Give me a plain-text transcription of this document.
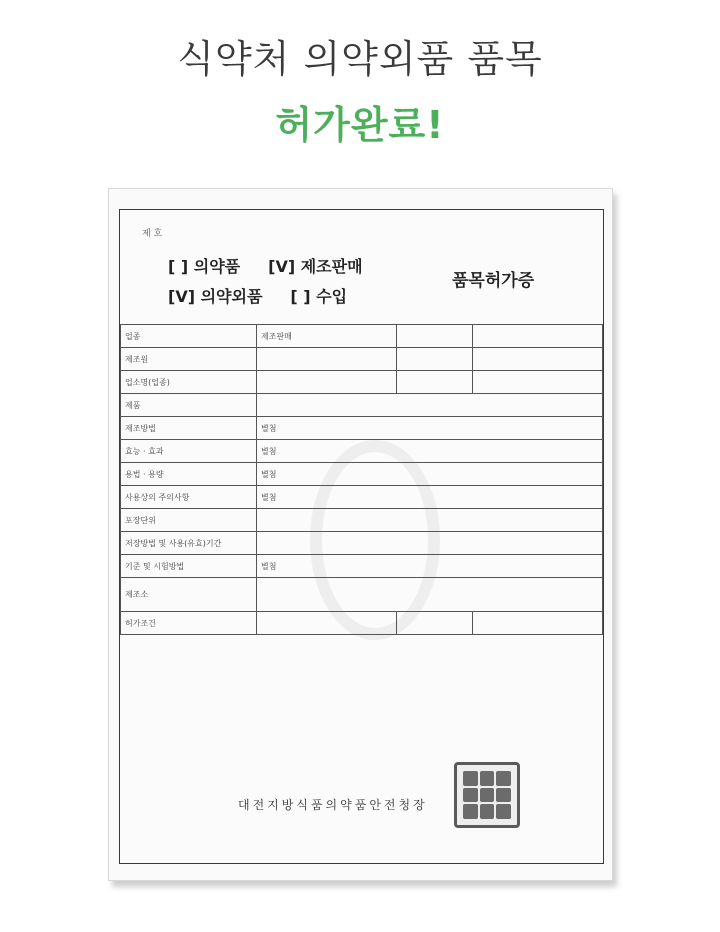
식약처 의약외품 품목
허가완료!
제 호
[ ] 의약품 [V] 제조판매
[V] 의약외품 [ ] 수입
품목허가증
업종	제조판매		
제조원			
업소명(업종)			
제품			
제조방법	별첨		
효능 · 효과	별첨		
용법 · 용량	별첨		
사용상의 주의사항	별첨		
포장단위			
저장방법 및 사용(유효)기간			
기준 및 시험방법	별첨		
제조소			
허가조건			
대전지방식품의약품안전청장
